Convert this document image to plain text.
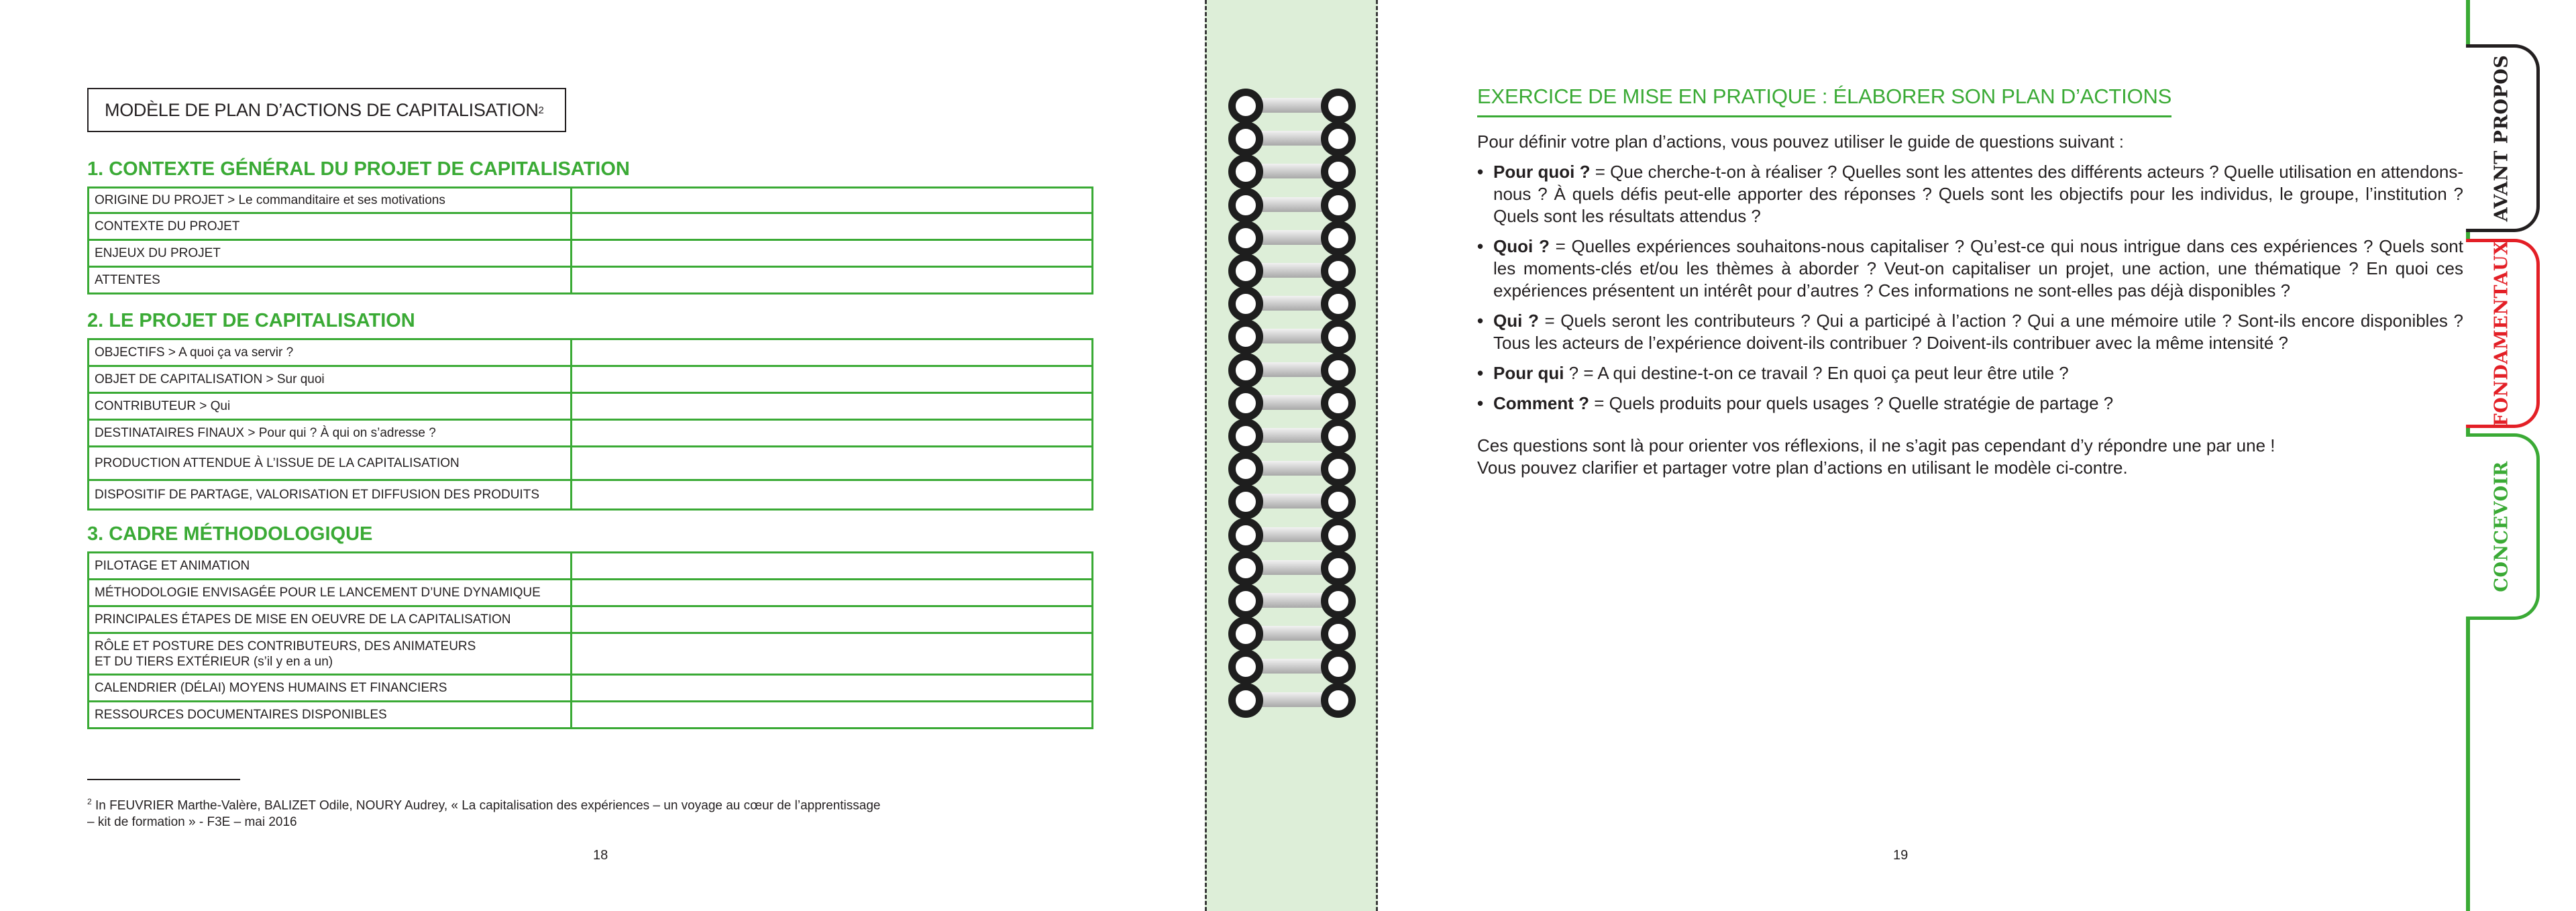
MODÈLE DE PLAN D’ACTIONS DE CAPITALISATION 2
1. CONTEXTE GÉNÉRAL DU PROJET DE CAPITALISATION
ORIGINE DU PROJET > Le commanditaire et ses motivations	
CONTEXTE DU PROJET	
ENJEUX DU PROJET	
ATTENTES	
2. LE PROJET DE CAPITALISATION
OBJECTIFS > A quoi ça va servir ?	
OBJET DE CAPITALISATION > Sur quoi	
CONTRIBUTEUR > Qui	
DESTINATAIRES FINAUX > Pour qui ? À qui on s’adresse ?	
PRODUCTION ATTENDUE À L’ISSUE DE LA CAPITALISATION	
DISPOSITIF DE PARTAGE, VALORISATION ET DIFFUSION DES PRODUITS	
3. CADRE MÉTHODOLOGIQUE
PILOTAGE ET ANIMATION	
MÉTHODOLOGIE ENVISAGÉE POUR LE LANCEMENT D’UNE DYNAMIQUE	
PRINCIPALES ÉTAPES DE MISE EN OEUVRE DE LA CAPITALISATION	

RÔLE ET POSTURE DES CONTRIBUTEURS, DES ANIMATEURS
ET DU TIERS EXTÉRIEUR (s’il y en a un)	

CALENDRIER (DÉLAI) MOYENS HUMAINS ET FINANCIERS	
RESSOURCES DOCUMENTAIRES DISPONIBLES	
$^2$ In FEUVRIER Marthe-Valère, BALIZET Odile, NOURY Audrey, « La capitalisation des expériences – un voyage au cœur de l’apprentissage
– kit de formation » - F3E – mai 2016
18
EXERCICE DE MISE EN PRATIQUE : ÉLABORER SON PLAN D’ACTIONS
Pour définir votre plan d’actions, vous pouvez utiliser le guide de questions suivant :
• Pour quoi ? = Que cherche-t-on à réaliser ? Quelles sont les attentes des différents acteurs ? Quelle utilisation en attendons-nous ? À quels défis peut-elle apporter des réponses ? Quels sont les objectifs pour les individus, le groupe, l’institution ? Quels sont les résultats attendus ?
• Quoi ? = Quelles expériences souhaitons-nous capitaliser ? Qu’est-ce qui nous intrigue dans ces expériences ? Quels sont les moments-clés et/ou les thèmes à aborder ? Veut-on capitaliser un projet, une action, une thématique ? En quoi ces expériences présentent un intérêt pour d’autres ? Ces informations ne sont-elles pas déjà disponibles ?
• Qui ? = Quels seront les contributeurs ? Qui a participé à l’action ? Qui a une mémoire utile ? Sont-ils encore disponibles ? Tous les acteurs de l’expérience doivent-ils contribuer ? Doivent-ils contribuer avec la même intensité ?
• Pour qui ? = A qui destine-t-on ce travail ? En quoi ça peut leur être utile ?
• Comment ? = Quels produits pour quels usages ? Quelle stratégie de partage ?
Ces questions sont là pour orienter vos réflexions, il ne s’agit pas cependant d’y répondre une par une !
Vous pouvez clarifier et partager votre plan d’actions en utilisant le modèle ci-contre.
19
AVANT PROPOS
FONDAMENTAUX
CONCEVOIR
